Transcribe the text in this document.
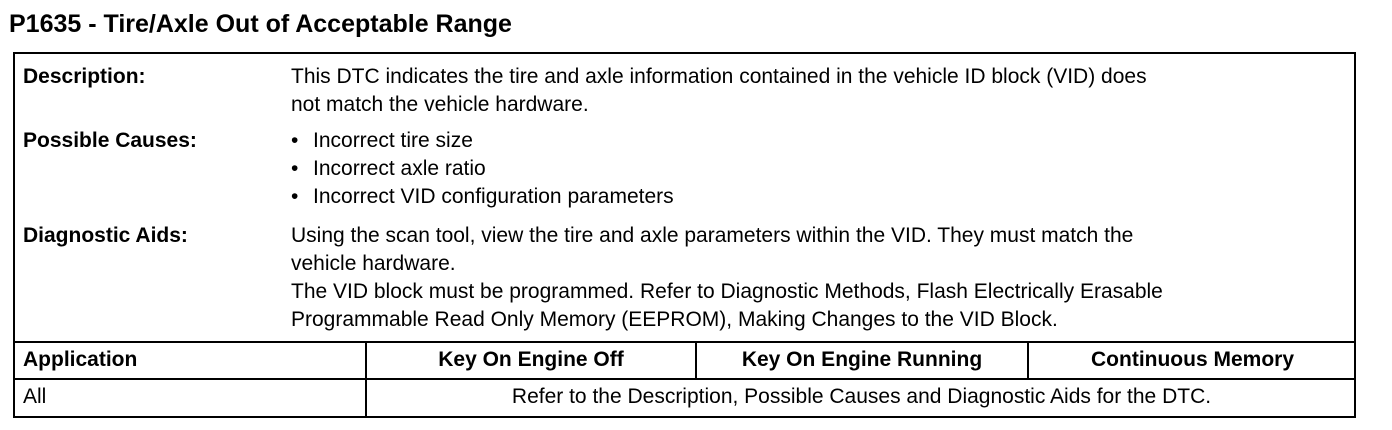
P1635 - Tire/Axle Out of Acceptable Range
Description:	This DTC indicates the tire and axle information contained in the vehicle ID block (VID) does
not match the vehicle hardware.
Possible Causes:	• Incorrect tire size
• Incorrect axle ratio
• Incorrect VID configuration parameters
Diagnostic Aids:	Using the scan tool, view the tire and axle parameters within the VID. They must match the
vehicle hardware.
The VID block must be programmed. Refer to Diagnostic Methods, Flash Electrically Erasable
Programmable Read Only Memory (EEPROM), Making Changes to the VID Block.
Application	Key On Engine Off	Key On Engine Running	Continuous Memory
All	Refer to the Description, Possible Causes and Diagnostic Aids for the DTC.
